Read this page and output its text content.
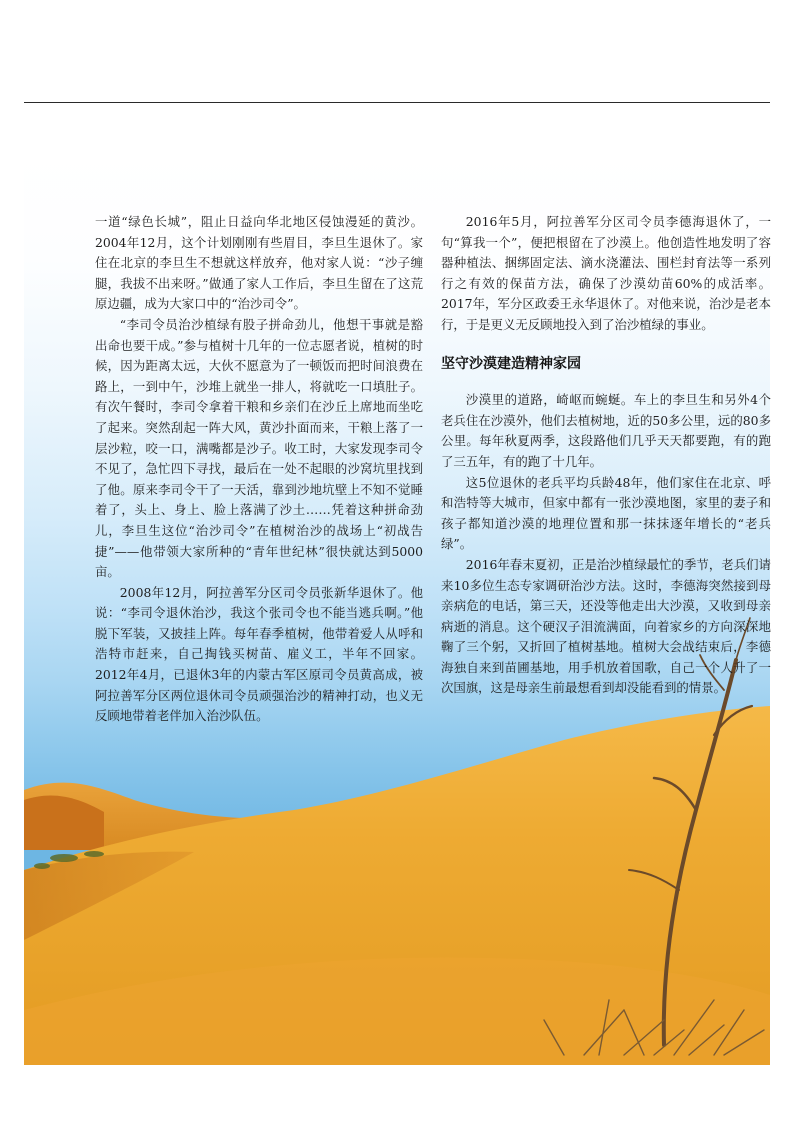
一道“绿色长城”，阻止日益向华北地区侵蚀漫延的黄沙。2004年12月，这个计划刚刚有些眉目，李旦生退休了。家住在北京的李旦生不想就这样放弃，他对家人说：“沙子缠腿，我拔不出来呀。”做通了家人工作后，李旦生留在了这荒原边疆，成为大家口中的“治沙司令”。

“李司令员治沙植绿有股子拼命劲儿，他想干事就是豁出命也要干成。”参与植树十几年的一位志愿者说，植树的时候，因为距离太远，大伙不愿意为了一顿饭而把时间浪费在路上，一到中午，沙堆上就坐一排人，将就吃一口填肚子。有次午餐时，李司令拿着干粮和乡亲们在沙丘上席地而坐吃了起来。突然刮起一阵大风，黄沙扑面而来，干粮上落了一层沙粒，咬一口，满嘴都是沙子。收工时，大家发现李司令不见了，急忙四下寻找，最后在一处不起眼的沙窝坑里找到了他。原来李司令干了一天活，靠到沙地坑壁上不知不觉睡着了，头上、身上、脸上落满了沙土……凭着这种拼命劲儿，李旦生这位“治沙司令”在植树治沙的战场上“初战告捷”——他带领大家所种的“青年世纪林”很快就达到5000亩。

2008年12月，阿拉善军分区司令员张新华退休了。他说：“李司令退休治沙，我这个张司令也不能当逃兵啊。”他脱下军装，又披挂上阵。每年春季植树，他带着爱人从呼和浩特市赶来，自己掏钱买树苗、雇义工，半年不回家。2012年4月，已退休3年的内蒙古军区原司令员黄高成，被阿拉善军分区两位退休司令员顽强治沙的精神打动，也义无反顾地带着老伴加入治沙队伍。

2016年5月，阿拉善军分区司令员李德海退休了，一句“算我一个”，便把根留在了沙漠上。他创造性地发明了容器种植法、捆绑固定法、滴水浇灌法、围栏封育法等一系列行之有效的保苗方法，确保了沙漠幼苗60%的成活率。2017年，军分区政委王永华退休了。对他来说，治沙是老本行，于是更义无反顾地投入到了治沙植绿的事业。

坚守沙漠建造精神家园

沙漠里的道路，崎岖而蜿蜒。车上的李旦生和另外4个老兵住在沙漠外，他们去植树地，近的50多公里，远的80多公里。每年秋夏两季，这段路他们几乎天天都要跑，有的跑了三五年，有的跑了十几年。

这5位退休的老兵平均兵龄48年，他们家住在北京、呼和浩特等大城市，但家中都有一张沙漠地图，家里的妻子和孩子都知道沙漠的地理位置和那一抹抹逐年增长的“老兵绿”。

2016年春末夏初，正是治沙植绿最忙的季节，老兵们请来10多位生态专家调研治沙方法。这时，李德海突然接到母亲病危的电话，第三天，还没等他走出大沙漠，又收到母亲病逝的消息。这个硬汉子泪流满面，向着家乡的方向深深地鞠了三个躬，又折回了植树基地。植树大会战结束后，李德海独自来到苗圃基地，用手机放着国歌，自己一个人升了一次国旗，这是母亲生前最想看到却没能看到的情景。
